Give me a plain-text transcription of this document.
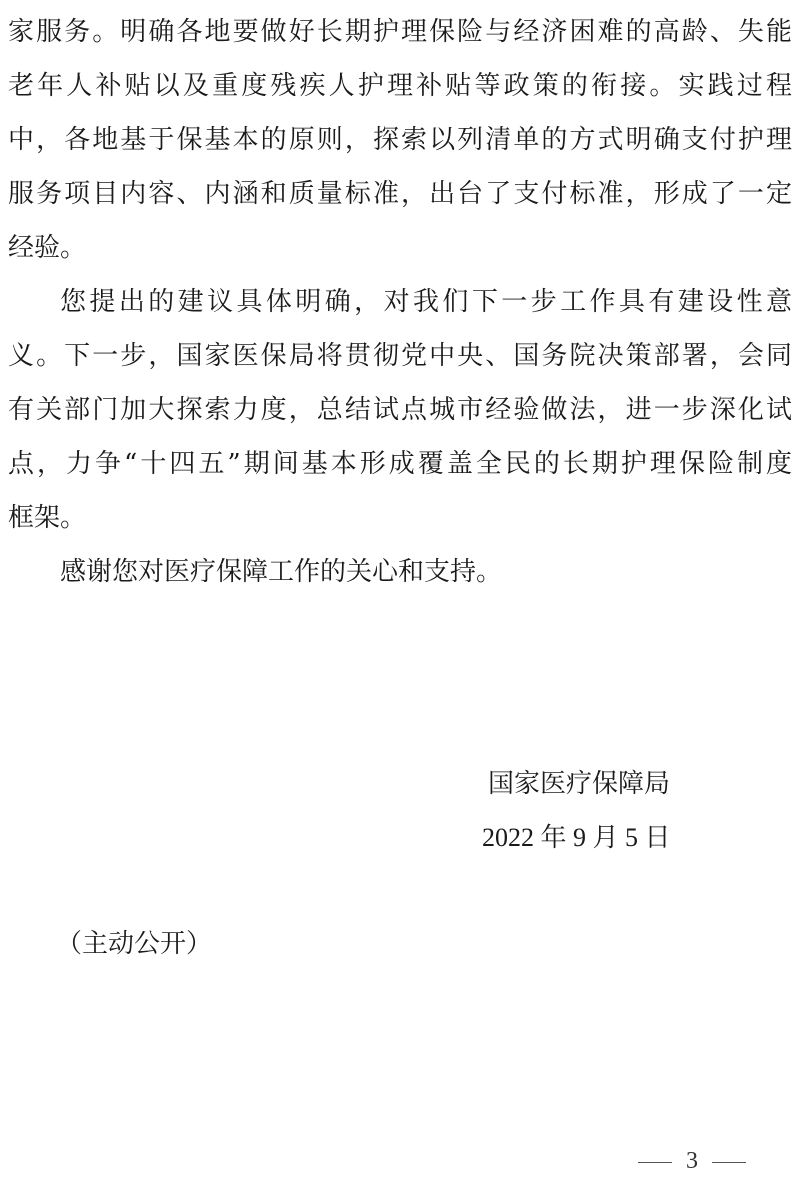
家服务。明确各地要做好长期护理保险与经济困难的高龄、失能
老年人补贴以及重度残疾人护理补贴等政策的衔接。实践过程
中，各地基于保基本的原则，探索以列清单的方式明确支付护理
服务项目内容、内涵和质量标准，出台了支付标准，形成了一定
经验。
您提出的建议具体明确，对我们下一步工作具有建设性意
义。下一步，国家医保局将贯彻党中央、国务院决策部署，会同
有关部门加大探索力度，总结试点城市经验做法，进一步深化试
点，力争“十四五”期间基本形成覆盖全民的长期护理保险制度
框架。
感谢您对医疗保障工作的关心和支持。
国家医疗保障局
2022 年 9 月 5 日
（主动公开）
3
